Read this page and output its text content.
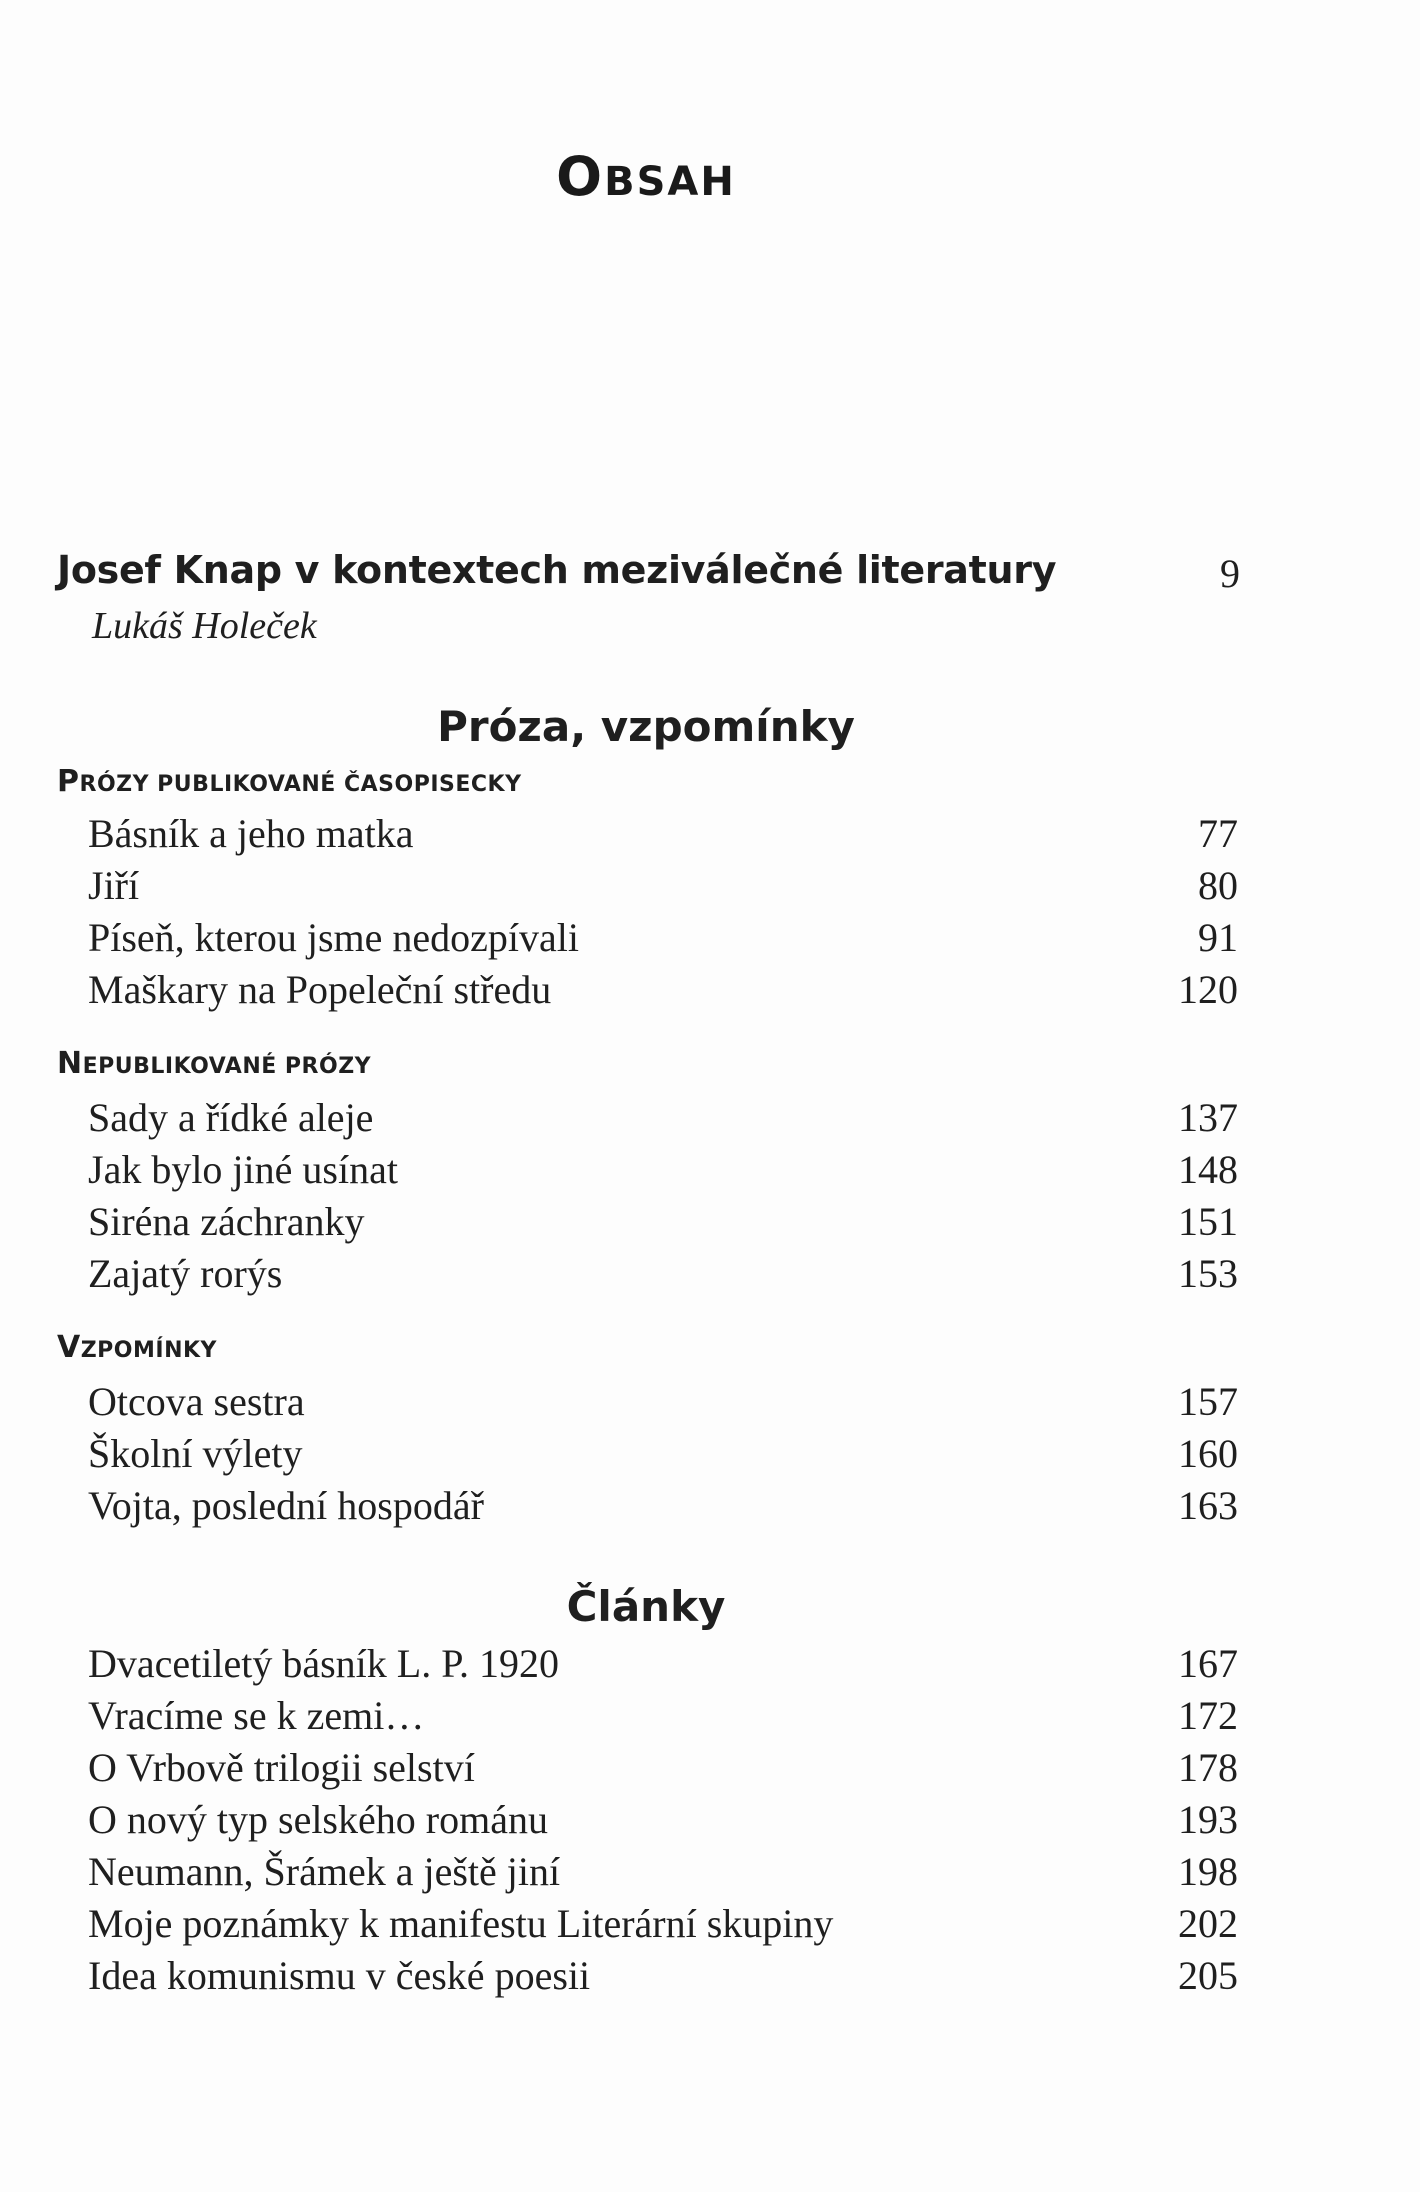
OBSAH
Josef Knap v kontextech meziválečné literatury	9
Lukáš Holeček
Próza, vzpomínky
PRÓZY PUBLIKOVANÉ ČASOPISECKY
Básník a jeho matka	77
Jiří	80
Píseň, kterou jsme nedozpívali	91
Maškary na Popeleční středu	120
NEPUBLIKOVANÉ PRÓZY
Sady a řídké aleje	137
Jak bylo jiné usínat	148
Siréna záchranky	151
Zajatý rorýs	153
VZPOMÍNKY
Otcova sestra	157
Školní výlety	160
Vojta, poslední hospodář	163
Články
Dvacetiletý básník L. P. 1920	167
Vracíme se k zemi…	172
O Vrbově trilogii selství	178
O nový typ selského románu	193
Neumann, Šrámek a ještě jiní	198
Moje poznámky k manifestu Literární skupiny	202
Idea komunismu v české poesii	205
